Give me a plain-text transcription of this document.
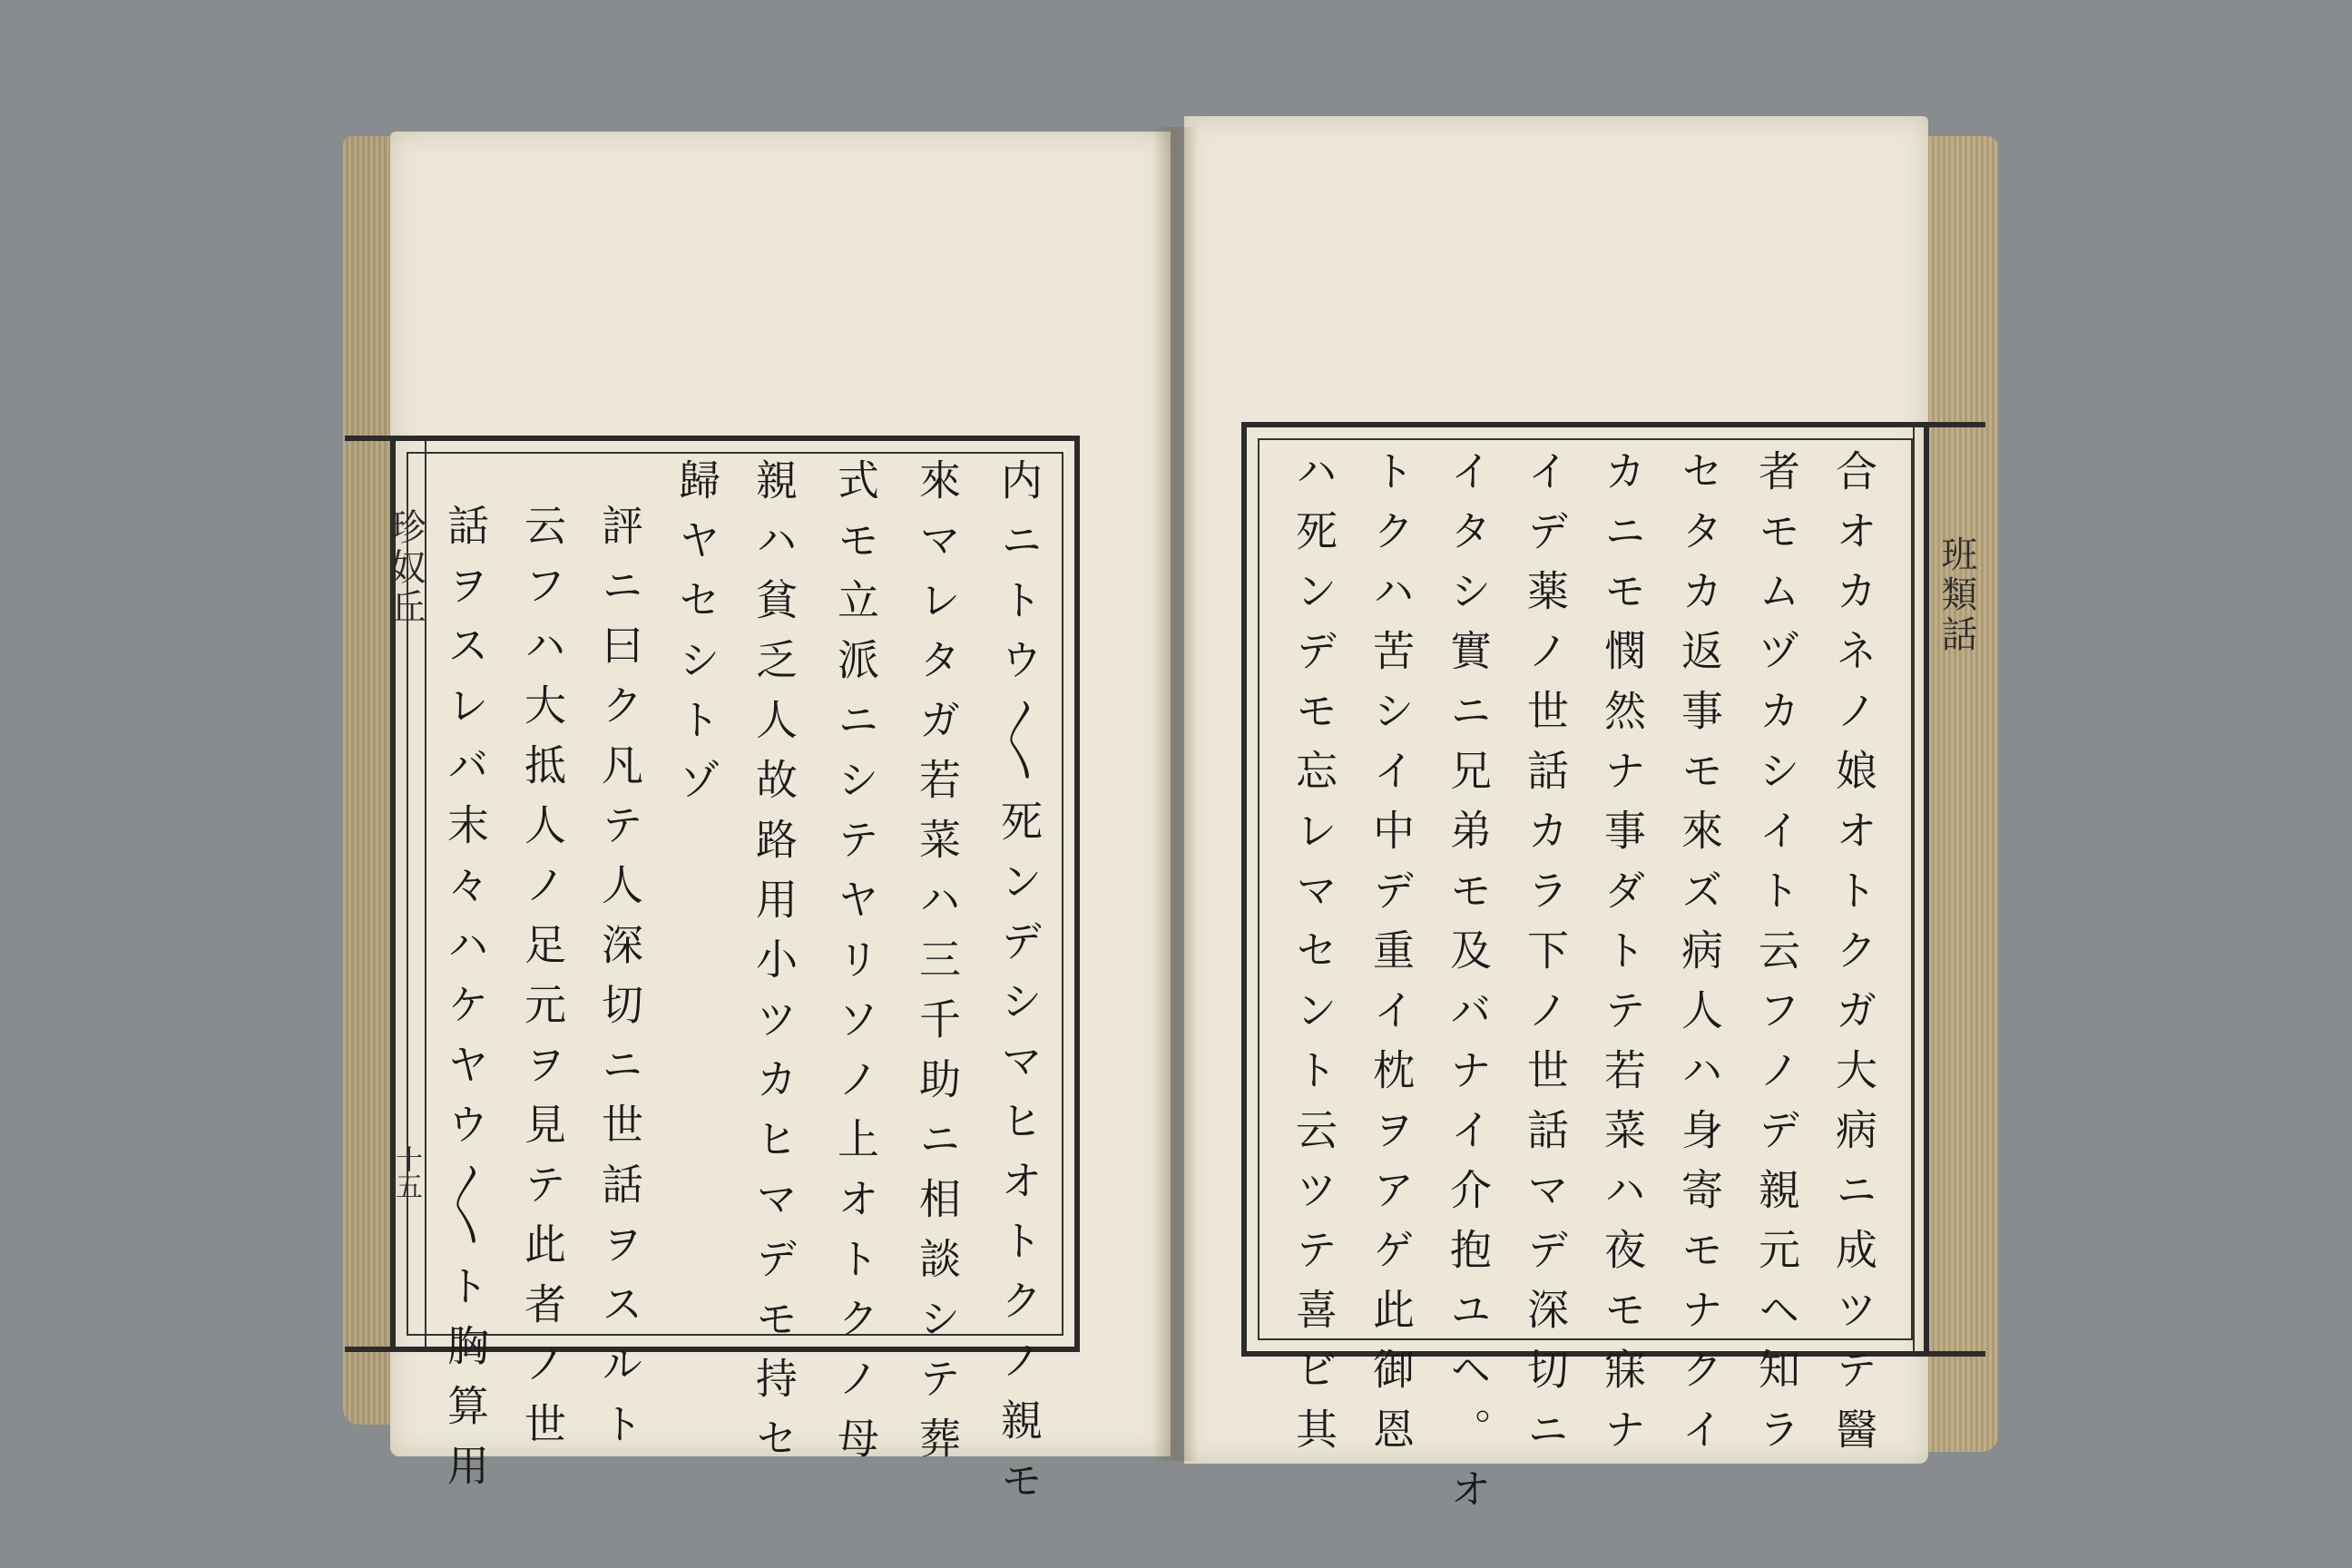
珍奴丘
十五	内ニトウ〳〵死ンデシマヒオトクノ親モ
來マレタガ若菜ハ三千助ニ相談シテ葬
式モ立派ニシテヤリソノ上オトクノ母
親ハ貧乏人故路用小ツカヒマデモ持セ
歸ヤセシトゾ
評ニ曰ク凡テ人深切ニ世話ヲスルト
云フハ大抵人ノ足元ヲ見テ此者ノ世
話ヲスレバ末々ハケヤウ〳〵ト胸算用	班類話
合オカネノ娘オトクガ大病ニ成ツテ醫
者モムヅカシイト云フノデ親元ヘ知ラ
セタカ返事モ來ズ病人ハ身寄モナクイ
カニモ憫然ナ事ダトテ若菜ハ夜モ寐ナ
イデ薬ノ世話カラ下ノ世話マデ深切ニ
イタシ實ニ兄弟モ及バナイ介抱ユヘ。オ
トクハ苦シイ中デ重イ枕ヲアゲ此御恩
ハ死ンデモ忘レマセント云ツテ喜ビ其
